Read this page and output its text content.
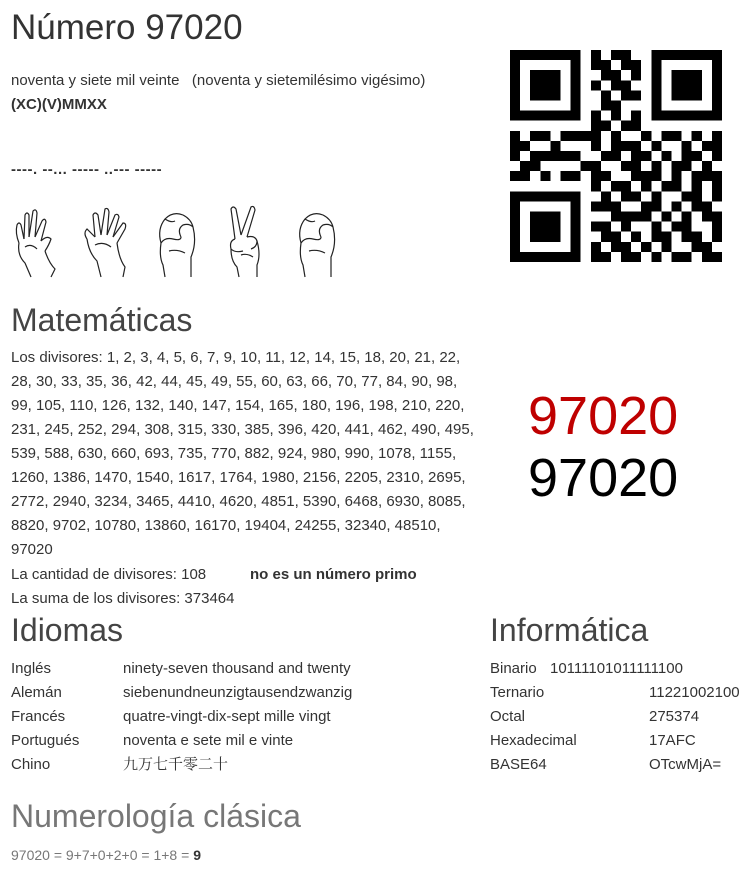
Número 97020
noventa y siete mil veinte   (noventa y sietemilésimo vigésimo)
(XC)(V)MMXX
----. --... ----- ..--- -----
Matemáticas
Los divisores: 1, 2, 3, 4, 5, 6, 7, 9, 10, 11, 12, 14, 15, 18, 20, 21, 22, 28, 30, 33, 35, 36, 42, 44, 45, 49, 55, 60, 63, 66, 70, 77, 84, 90, 98, 99, 105, 110, 126, 132, 140, 147, 154, 165, 180, 196, 198, 210, 220, 231, 245, 252, 294, 308, 315, 330, 385, 396, 420, 441, 462, 490, 495, 539, 588, 630, 660, 693, 735, 770, 882, 924, 980, 990, 1078, 1155, 1260, 1386, 1470, 1540, 1617, 1764, 1980, 2156, 2205, 2310, 2695, 2772, 2940, 3234, 3465, 4410, 4620, 4851, 5390, 6468, 6930, 8085, 8820, 9702, 10780, 13860, 16170, 19404, 24255, 32340, 48510, 97020
La cantidad de divisores: 108	no es un número primo
La suma de los divisores: 373464
97020
97020
Idiomas
Inglés	ninety-seven thousand and twenty
Alemán	siebenundneunzigtausendzwanzig
Francés	quatre-vingt-dix-sept mille vingt
Portugués	noventa e sete mil e vinte
Chino	九万七千零二十
Informática
Binario 10111101011111100
Ternario	11221002100
Octal	275374
Hexadecimal	17AFC
BASE64	OTcwMjA=
Numerología clásica
97020 = 9+7+0+2+0 = 1+8 = 9
